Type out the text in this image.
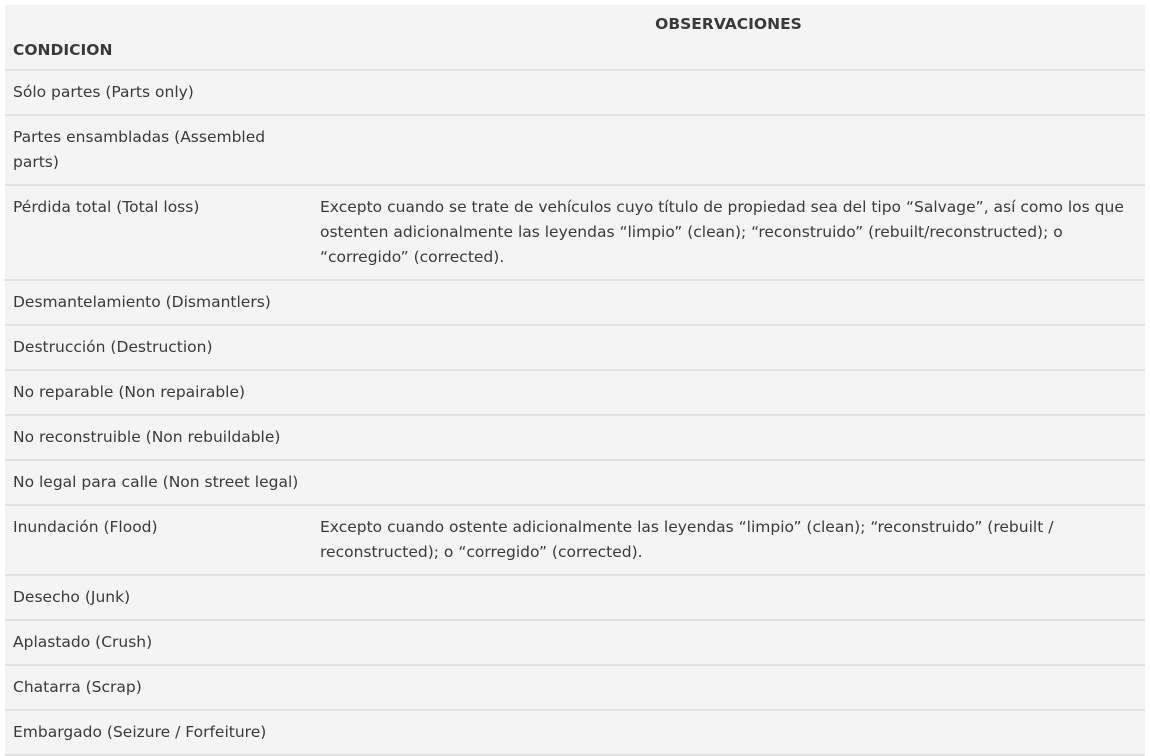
CONDICION	OBSERVACIONES
Sólo partes (Parts only)	
Partes ensambladas (Assembled parts)	
Pérdida total (Total loss)	Excepto cuando se trate de vehículos cuyo título de propiedad sea del tipo “Salvage”, así como los que ostenten adicionalmente las leyendas “limpio” (clean); “reconstruido” (rebuilt/reconstructed); o “corregido” (corrected).
Desmantelamiento (Dismantlers)	
Destrucción (Destruction)	
No reparable (Non repairable)	
No reconstruible (Non rebuildable)	
No legal para calle (Non street legal)	
Inundación (Flood)	Excepto cuando ostente adicionalmente las leyendas “limpio” (clean); “reconstruido” (rebuilt / reconstructed); o “corregido” (corrected).
Desecho (Junk)	
Aplastado (Crush)	
Chatarra (Scrap)	
Embargado (Seizure / Forfeiture)	
